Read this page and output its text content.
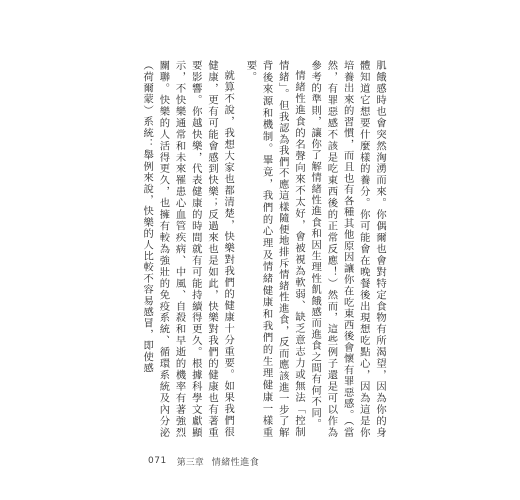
肌餓感時也會突然洶湧而來。你偶爾也會對特定食物有所渴望，因為你的身體知道它想要什麼樣的養分。你可能會在晚餐後出現想吃點心，因為這是你培養出來的習慣，而且也有各種其他原因讓你在吃東西後會懷有罪惡感。（當然，有罪惡感不該是吃東西後的正常反應！）然而，這些例子還是可以作為參考的準則，讓你了解情緒性進食和因生理性飢餓感而進食之間有何不同。

情緒性進食的名聲向來不太好，會被視為軟弱、缺乏意志力或無法「控制情緒」。但我認為我們不應這樣隨便地排斥情緒性進食，反而應該進一步了解背後來源和機制。畢竟，我們的心理及情緒健康和我們的生理健康一樣重要。

就算不說，我想大家也都清楚，快樂對我們的健康十分重要。如果我們很健康，更有可能會感到快樂；反過來也是如此，快樂對我們的健康也有著重要影響。你越快樂，代表健康的時間就有可能持續得更久。根據科學文獻顯示，不快樂通常和未來罹患心血管疾病、中風、自殺和早逝的機率有著強烈關聯。快樂的人活得更久，也擁有較為強壯的免疫系統、循環系統及內分泌（荷爾蒙）系統：舉例來說，快樂的人比較不容易感冒，即使感

071 第三章 情緒性進食
